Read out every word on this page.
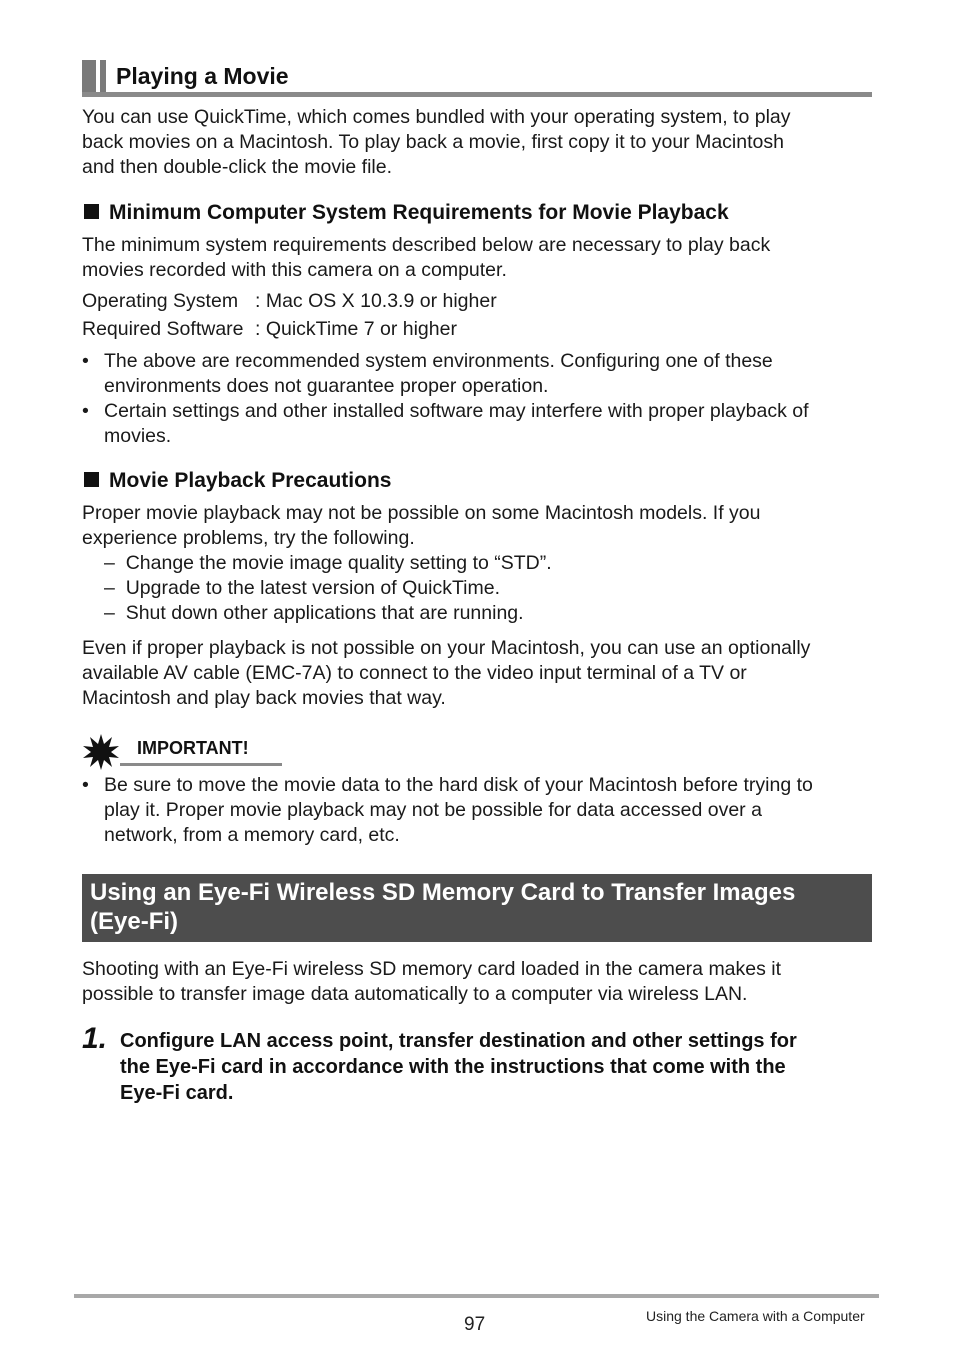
Playing a Movie
You can use QuickTime, which comes bundled with your operating system, to play
back movies on a Macintosh. To play back a movie, first copy it to your Macintosh
and then double-click the movie file.
Minimum Computer System Requirements for Movie Playback
The minimum system requirements described below are necessary to play back
movies recorded with this camera on a computer.
Operating System : Mac OS X 10.3.9 or higher
Required Software : QuickTime 7 or higher
• The above are recommended system environments. Configuring one of these
environments does not guarantee proper operation.
• Certain settings and other installed software may interfere with proper playback of
movies.
Movie Playback Precautions
Proper movie playback may not be possible on some Macintosh models. If you
experience problems, try the following.
– Change the movie image quality setting to “STD”.
– Upgrade to the latest version of QuickTime.
– Shut down other applications that are running.
Even if proper playback is not possible on your Macintosh, you can use an optionally
available AV cable (EMC-7A) to connect to the video input terminal of a TV or
Macintosh and play back movies that way.
IMPORTANT!
• Be sure to move the movie data to the hard disk of your Macintosh before trying to
play it. Proper movie playback may not be possible for data accessed over a
network, from a memory card, etc.
Using an Eye-Fi Wireless SD Memory Card to Transfer Images
(Eye-Fi)
Shooting with an Eye-Fi wireless SD memory card loaded in the camera makes it
possible to transfer image data automatically to a computer via wireless LAN.
1. Configure LAN access point, transfer destination and other settings for
the Eye-Fi card in accordance with the instructions that come with the
Eye-Fi card.
97	Using the Camera with a Computer
